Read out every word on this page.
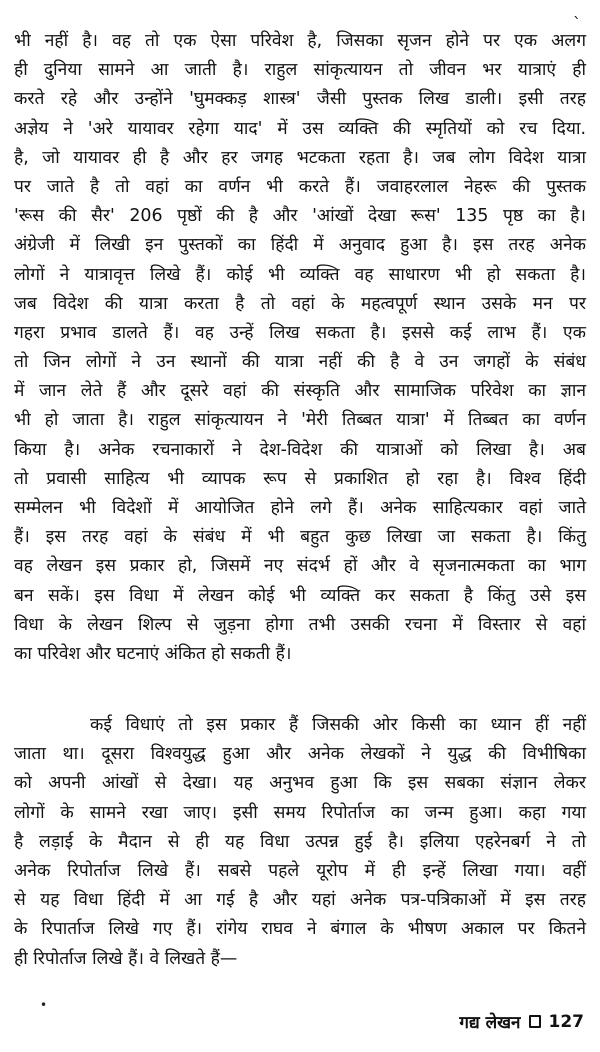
`
भी नहीं है। वह तो एक ऐसा परिवेश है, जिसका सृजन होने पर एक अलग
ही दुनिया सामने आ जाती है। राहुल सांकृत्यायन तो जीवन भर यात्राएं ही
करते रहे और उन्होंने 'घुमक्कड़ शास्त्र' जैसी पुस्तक लिख डाली। इसी तरह
अज्ञेय ने 'अरे यायावर रहेगा याद' में उस व्यक्ति की स्मृतियों को रच दिया.
है, जो यायावर ही है और हर जगह भटकता रहता है। जब लोग विदेश यात्रा
पर जाते है तो वहां का वर्णन भी करते हैं। जवाहरलाल नेहरू की पुस्तक
'रूस की सैर' 206 पृष्ठों की है और 'आंखों देखा रूस' 135 पृष्ठ का है।
अंग्रेजी में लिखी इन पुस्तकों का हिंदी में अनुवाद हुआ है। इस तरह अनेक
लोगों ने यात्रावृत्त लिखे हैं। कोई भी व्यक्ति वह साधारण भी हो सकता है।
जब विदेश की यात्रा करता है तो वहां के महत्वपूर्ण स्थान उसके मन पर
गहरा प्रभाव डालते हैं। वह उन्हें लिख सकता है। इससे कई लाभ हैं। एक
तो जिन लोगों ने उन स्थानों की यात्रा नहीं की है वे उन जगहों के संबंध
में जान लेते हैं और दूसरे वहां की संस्कृति और सामाजिक परिवेश का ज्ञान
भी हो जाता है। राहुल सांकृत्यायन ने 'मेरी तिब्बत यात्रा' में तिब्बत का वर्णन
किया है। अनेक रचनाकारों ने देश-विदेश की यात्राओं को लिखा है। अब
तो प्रवासी साहित्य भी व्यापक रूप से प्रकाशित हो रहा है। विश्व हिंदी
सम्मेलन भी विदेशों में आयोजित होने लगे हैं। अनेक साहित्यकार वहां जाते
हैं। इस तरह वहां के संबंध में भी बहुत कुछ लिखा जा सकता है। किंतु
वह लेखन इस प्रकार हो, जिसमें नए संदर्भ हों और वे सृजनात्मकता का भाग
बन सकें। इस विधा में लेखन कोई भी व्यक्ति कर सकता है किंतु उसे इस
विधा के लेखन शिल्प से जुड़ना होगा तभी उसकी रचना में विस्तार से वहां
का परिवेश और घटनाएं अंकित हो सकती हैं।
कई विधाएं तो इस प्रकार हैं जिसकी ओर किसी का ध्यान हीं नहीं
जाता था। दूसरा विश्वयुद्ध हुआ और अनेक लेखकों ने युद्ध की विभीषिका
को अपनी आंखों से देखा। यह अनुभव हुआ कि इस सबका संज्ञान लेकर
लोगों के सामने रखा जाए। इसी समय रिपोर्ताज का जन्म हुआ। कहा गया
है लड़ाई के मैदान से ही यह विधा उत्पन्न हुई है। इलिया एहरेनबर्ग ने तो
अनेक रिपोर्ताज लिखे हैं। सबसे पहले यूरोप में ही इन्हें लिखा गया। वहीं
से यह विधा हिंदी में आ गई है और यहां अनेक पत्र-पत्रिकाओं में इस तरह
के रिपार्ताज लिखे गए हैं। रांगेय राघव ने बंगाल के भीषण अकाल पर कितने
ही रिपोर्ताज लिखे हैं। वे लिखते हैं—
•
गद्य लेखन 127
